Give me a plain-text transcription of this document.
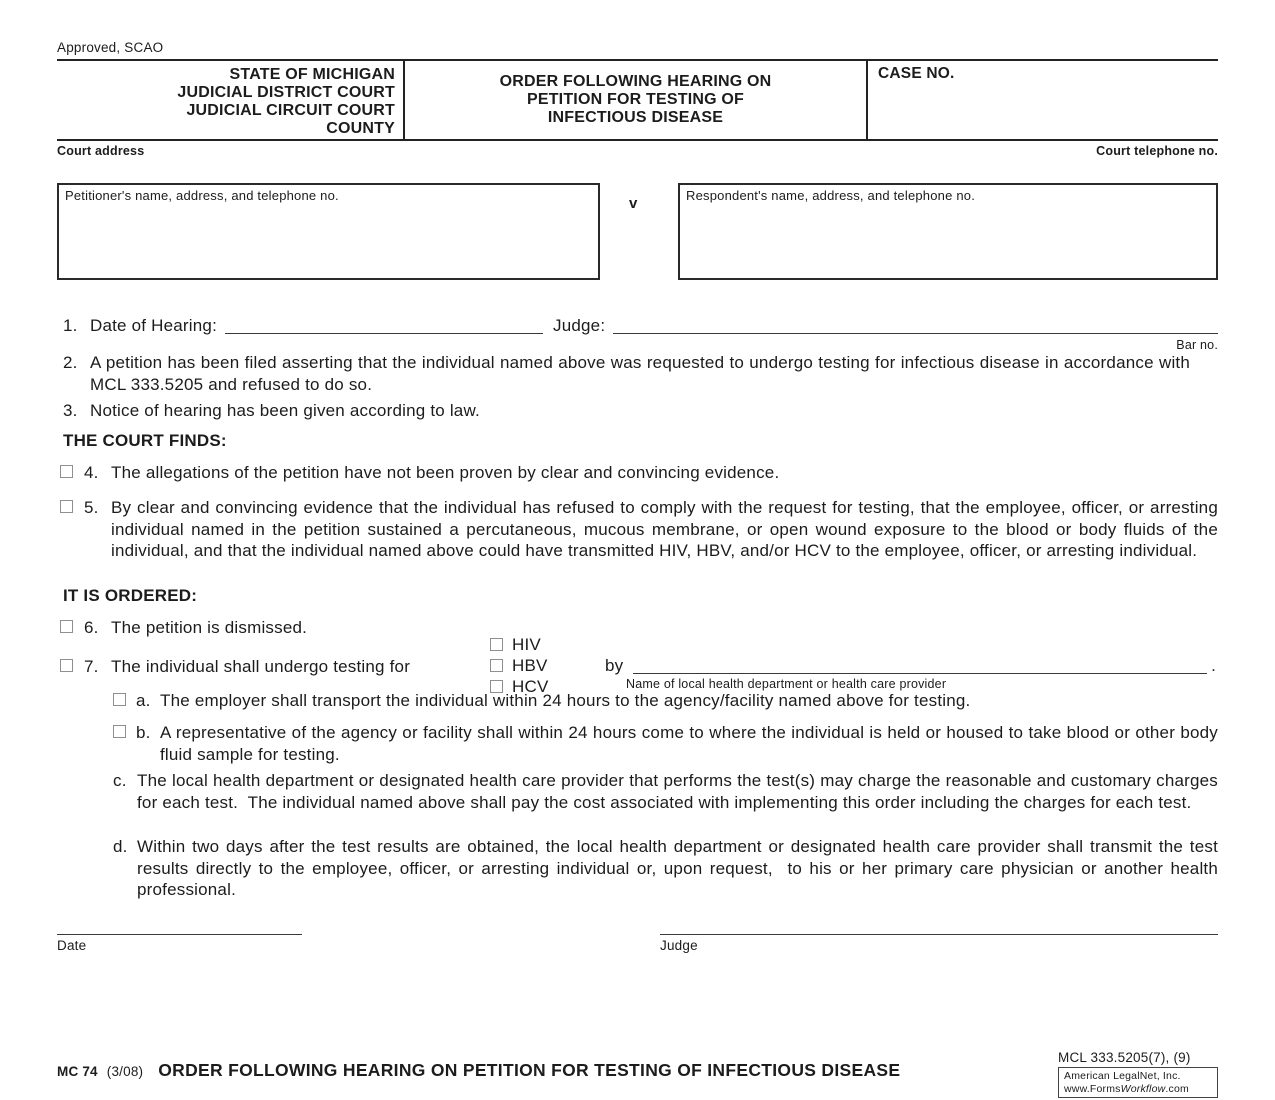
Approved, SCAO
STATE OF MICHIGAN
JUDICIAL DISTRICT COURT
JUDICIAL CIRCUIT COURT
COUNTY
ORDER FOLLOWING HEARING ON
PETITION FOR TESTING OF
INFECTIOUS DISEASE
CASE NO.
Court address	Court telephone no.
Petitioner's name, address, and telephone no.	v	Respondent's name, address, and telephone no.
1. Date of Hearing:	Judge:
Bar no.
2. A petition has been filed asserting that the individual named above was requested to undergo testing for infectious disease in accordance with MCL 333.5205 and refused to do so.
3. Notice of hearing has been given according to law.
THE COURT FINDS:
4. The allegations of the petition have not been proven by clear and convincing evidence.
5. By clear and convincing evidence that the individual has refused to comply with the request for testing, that the employee, officer, or arresting individual named in the petition sustained a percutaneous, mucous membrane, or open wound exposure to the blood or body fluids of the individual, and that the individual named above could have transmitted HIV, HBV, and/or HCV to the employee, officer, or arresting individual.
IT IS ORDERED:
6. The petition is dismissed.
7. The individual shall undergo testing for
HIV
HBV
HCV
by	.
Name of local health department or health care provider
a. The employer shall transport the individual within 24 hours to the agency/facility named above for testing.
b. A representative of the agency or facility shall within 24 hours come to where the individual is held or housed to take blood or other body fluid sample for testing.
c. The local health department or designated health care provider that performs the test(s) may charge the reasonable and customary charges for each test.  The individual named above shall pay the cost associated with implementing this order including the charges for each test.
d. Within two days after the test results are obtained, the local health department or designated health care provider shall transmit the test results directly to the employee, officer, or arresting individual or, upon request,  to his or her primary care physician or another health professional.
Date	Judge
MC 74 (3/08) ORDER FOLLOWING HEARING ON PETITION FOR TESTING OF INFECTIOUS DISEASE
MCL 333.5205(7), (9)
American LegalNet, Inc.
www.FormsWorkflow.com
